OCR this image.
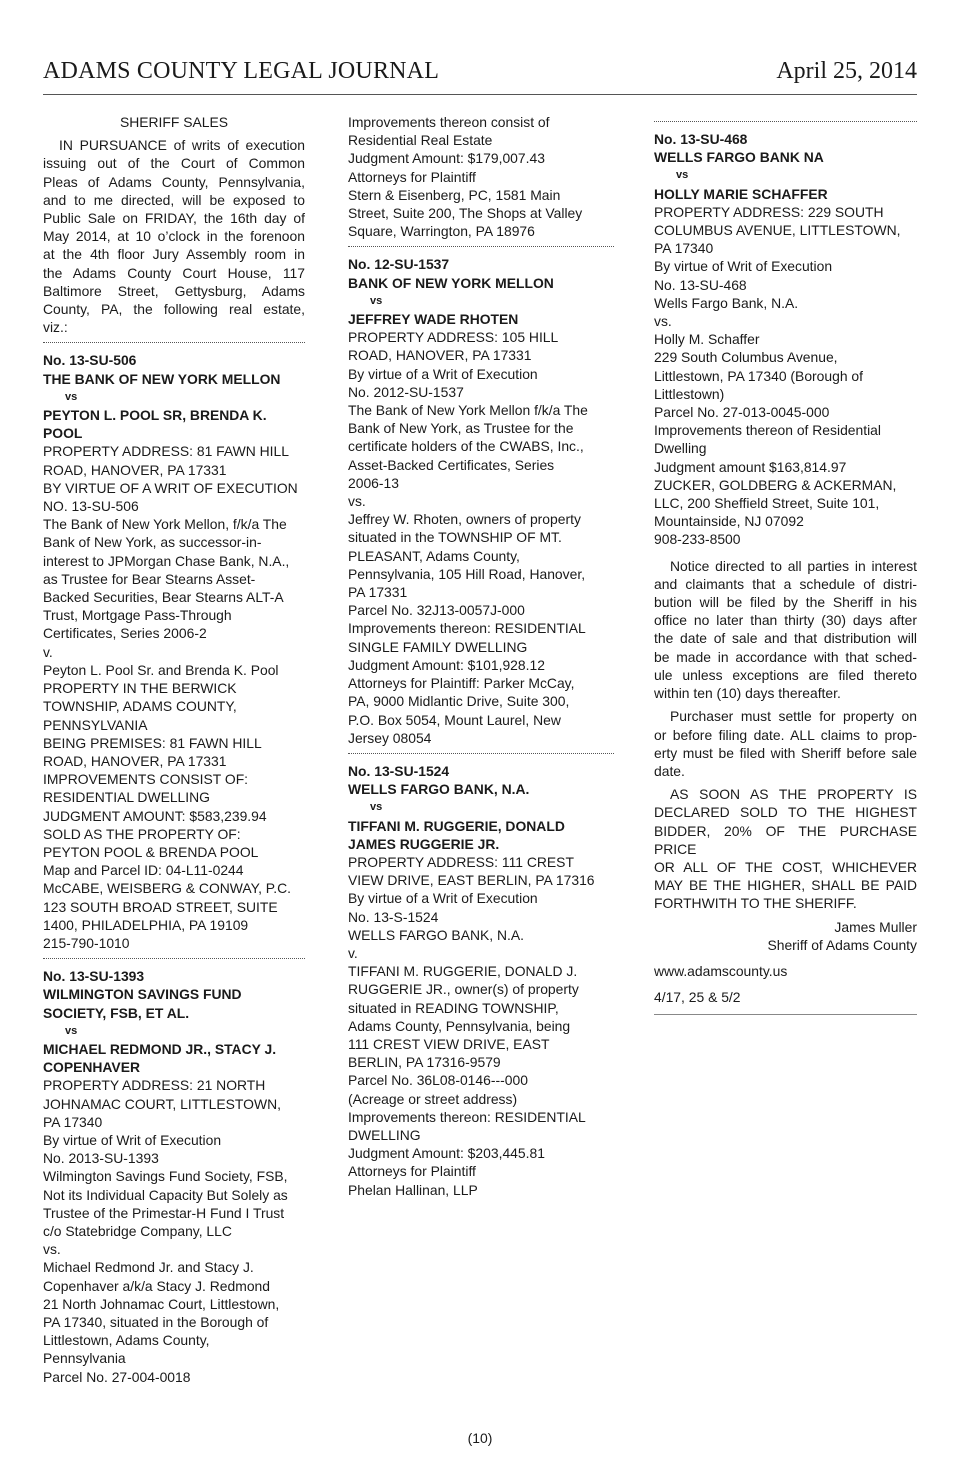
ADAMS COUNTY LEGAL JOURNAL	April 25, 2014

SHERIFF SALES

IN PURSUANCE of writs of execution
issuing out of the Court of Common
Pleas of Adams County, Pennsylvania,
and to me directed, will be exposed to
Public Sale on FRIDAY, the 16th day of
May 2014, at 10 o’clock in the forenoon
at the 4th floor Jury Assembly room in
the Adams County Court House, 117
Baltimore Street, Gettysburg, Adams
County, PA, the following real estate,
viz.:
No. 13-SU-506
THE BANK OF NEW YORK MELLON
vs
PEYTON L. POOL SR, BRENDA K.
POOL
PROPERTY ADDRESS: 81 FAWN HILL
ROAD, HANOVER, PA 17331
BY VIRTUE OF A WRIT OF EXECUTION
NO. 13-SU-506
The Bank of New York Mellon, f/k/a The
Bank of New York, as successor-in-
interest to JPMorgan Chase Bank, N.A.,
as Trustee for Bear Stearns Asset-
Backed Securities, Bear Stearns ALT-A
Trust, Mortgage Pass-Through
Certificates, Series 2006-2
v.
Peyton L. Pool Sr. and Brenda K. Pool
PROPERTY IN THE BERWICK
TOWNSHIP, ADAMS COUNTY,
PENNSYLVANIA
BEING PREMISES: 81 FAWN HILL
ROAD, HANOVER, PA 17331
IMPROVEMENTS CONSIST OF:
RESIDENTIAL DWELLING
JUDGMENT AMOUNT: $583,239.94
SOLD AS THE PROPERTY OF:
PEYTON POOL & BRENDA POOL
Map and Parcel ID: 04-L11-0244
McCABE, WEISBERG & CONWAY, P.C.
123 SOUTH BROAD STREET, SUITE
1400, PHILADELPHIA, PA 19109
215-790-1010
No. 13-SU-1393
WILMINGTON SAVINGS FUND
SOCIETY, FSB, ET AL.
vs
MICHAEL REDMOND JR., STACY J.
COPENHAVER
PROPERTY ADDRESS: 21 NORTH
JOHNAMAC COURT, LITTLESTOWN,
PA 17340
By virtue of Writ of Execution
No. 2013-SU-1393
Wilmington Savings Fund Society, FSB,
Not its Individual Capacity But Solely as
Trustee of the Primestar-H Fund I Trust
c/o Statebridge Company, LLC
vs.
Michael Redmond Jr. and Stacy J.
Copenhaver a/k/a Stacy J. Redmond
21 North Johnamac Court, Littlestown,
PA 17340, situated in the Borough of
Littlestown, Adams County,
Pennsylvania
Parcel No. 27-004-0018
Improvements thereon consist of
Residential Real Estate
Judgment Amount: $179,007.43
Attorneys for Plaintiff
Stern & Eisenberg, PC, 1581 Main
Street, Suite 200, The Shops at Valley
Square, Warrington, PA 18976
No. 12-SU-1537
BANK OF NEW YORK MELLON
vs
JEFFREY WADE RHOTEN
PROPERTY ADDRESS: 105 HILL
ROAD, HANOVER, PA 17331
By virtue of a Writ of Execution
No. 2012-SU-1537
The Bank of New York Mellon f/k/a The
Bank of New York, as Trustee for the
certificate holders of the CWABS, Inc.,
Asset-Backed Certificates, Series
2006-13
vs.
Jeffrey W. Rhoten, owners of property
situated in the TOWNSHIP OF MT.
PLEASANT, Adams County,
Pennsylvania, 105 Hill Road, Hanover,
PA 17331
Parcel No. 32J13-0057J-000
Improvements thereon: RESIDENTIAL
SINGLE FAMILY DWELLING
Judgment Amount: $101,928.12
Attorneys for Plaintiff: Parker McCay,
PA, 9000 Midlantic Drive, Suite 300,
P.O. Box 5054, Mount Laurel, New
Jersey 08054
No. 13-SU-1524
WELLS FARGO BANK, N.A.
vs
TIFFANI M. RUGGERIE, DONALD
JAMES RUGGERIE JR.
PROPERTY ADDRESS: 111 CREST
VIEW DRIVE, EAST BERLIN, PA 17316
By virtue of a Writ of Execution
No. 13-S-1524
WELLS FARGO BANK, N.A.
v.
TIFFANI M. RUGGERIE, DONALD J.
RUGGERIE JR., owner(s) of property
situated in READING TOWNSHIP,
Adams County, Pennsylvania, being
111 CREST VIEW DRIVE, EAST
BERLIN, PA 17316-9579
Parcel No. 36L08-0146---000
(Acreage or street address)
Improvements thereon: RESIDENTIAL
DWELLING
Judgment Amount: $203,445.81
Attorneys for Plaintiff
Phelan Hallinan, LLP
No. 13-SU-468
WELLS FARGO BANK NA
vs
HOLLY MARIE SCHAFFER
PROPERTY ADDRESS: 229 SOUTH
COLUMBUS AVENUE, LITTLESTOWN,
PA 17340
By virtue of Writ of Execution
No. 13-SU-468
Wells Fargo Bank, N.A.
vs.
Holly M. Schaffer
229 South Columbus Avenue,
Littlestown, PA 17340 (Borough of
Littlestown)
Parcel No. 27-013-0045-000
Improvements thereon of Residential
Dwelling
Judgment amount $163,814.97
ZUCKER, GOLDBERG & ACKERMAN,
LLC, 200 Sheffield Street, Suite 101,
Mountainside, NJ 07092
908-233-8500
Notice directed to all parties in interest
and claimants that a schedule of distri-
bution will be filed by the Sheriff in his
office no later than thirty (30) days after
the date of sale and that distribution will
be made in accordance with that sched-
ule unless exceptions are filed thereto
within ten (10) days thereafter.
Purchaser must settle for property on
or before filing date. ALL claims to prop-
erty must be filed with Sheriff before sale
date.
AS SOON AS THE PROPERTY IS
DECLARED SOLD TO THE HIGHEST
BIDDER, 20% OF THE PURCHASE PRICE
OR ALL OF THE COST, WHICHEVER
MAY BE THE HIGHER, SHALL BE PAID
FORTHWITH TO THE SHERIFF.

James Muller

Sheriff of Adams County

www.adamscounty.us

4/17, 25 & 5/2

(10)
